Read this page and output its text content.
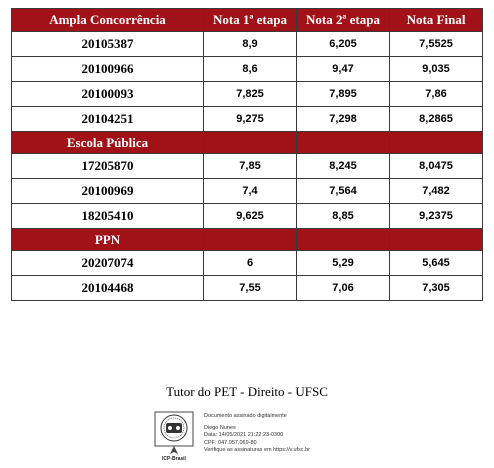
Ampla Concorrência	Nota 1ª etapa	Nota 2ª etapa	Nota Final
20105387	8,9	6,205	7,5525
20100966	8,6	9,47	9,035
20100093	7,825	7,895	7,86
20104251	9,275	7,298	8,2865
Escola Pública			
17205870	7,85	8,245	8,0475
20100969	7,4	7,564	7,482
18205410	9,625	8,85	9,2375
PPN			
20207074	6	5,29	5,645
20104468	7,55	7,06	7,305
Tutor do PET - Direito - UFSC
ICP-Brasil
Documento assinado digitalmente
Diego Nunes
Data: 14/05/2021 21:22:23-0300
CPF: 047.957.069-80
Verifique as assinaturas em https://v.ufsc.br
